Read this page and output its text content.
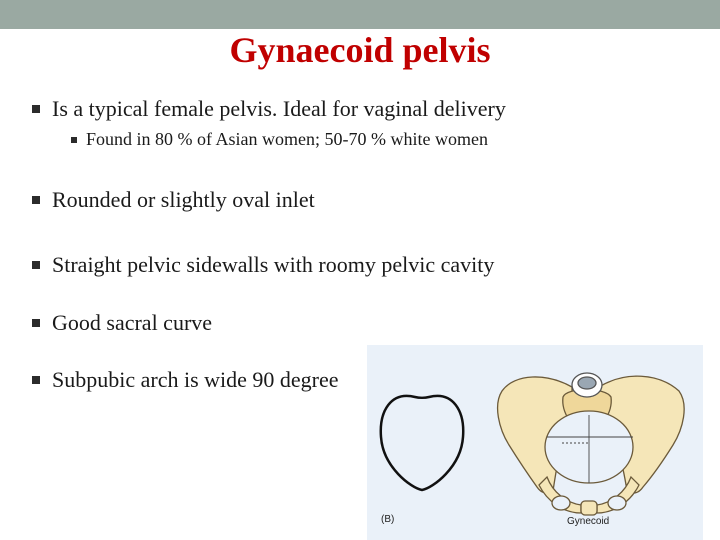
Gynaecoid pelvis
Is a typical female pelvis. Ideal for vaginal delivery
Found in 80 % of Asian women; 50-70 % white women
Rounded or slightly oval inlet
Straight pelvic sidewalls with roomy pelvic cavity
Good sacral curve
Subpubic arch is wide 90 degree
(B)	Gynecoid
